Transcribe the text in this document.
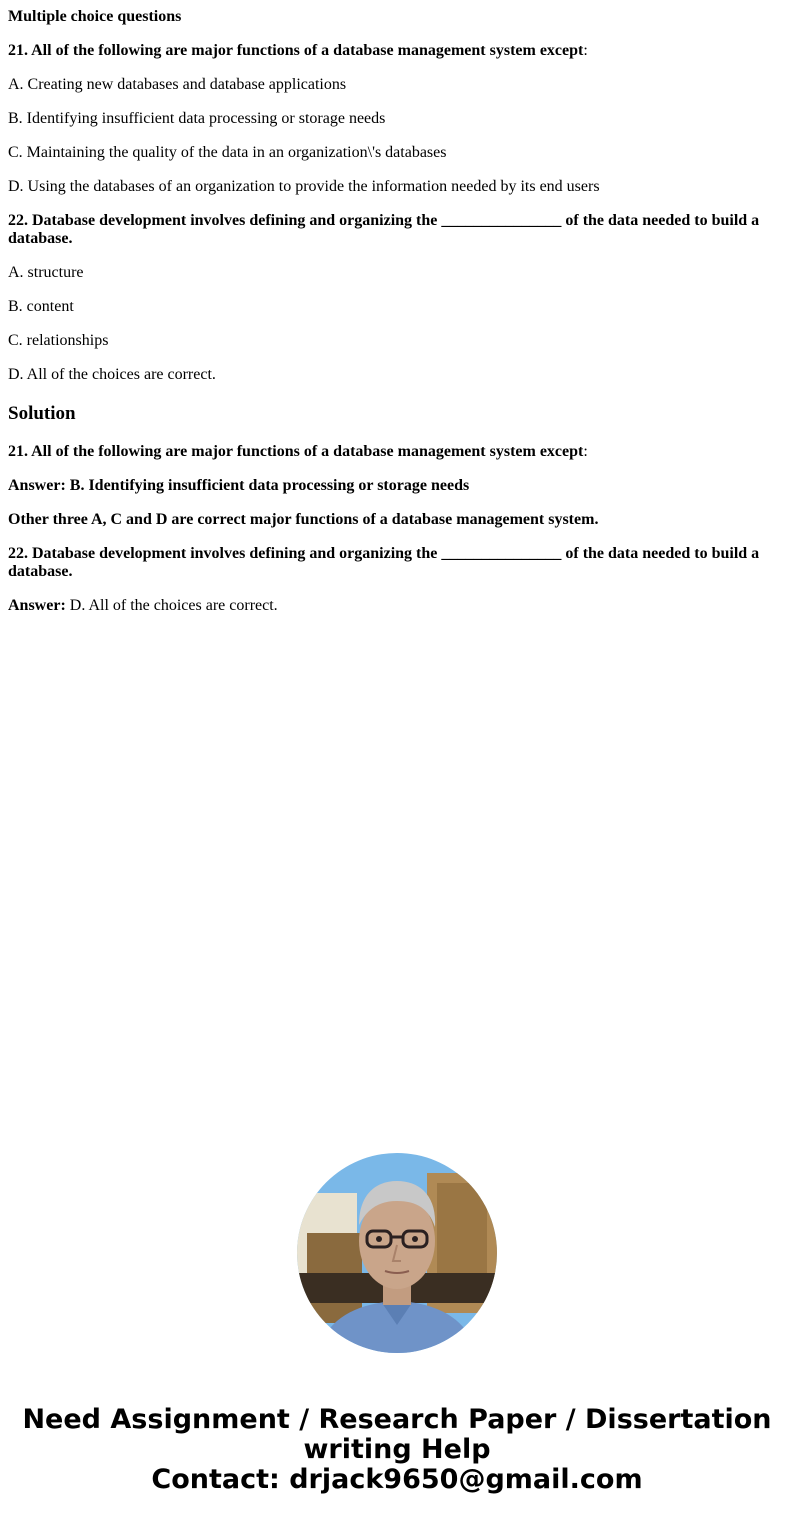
Multiple choice questions
21. All of the following are major functions of a database management system except:
A. Creating new databases and database applications
B. Identifying insufficient data processing or storage needs
C. Maintaining the quality of the data in an organization\'s databases
D. Using the databases of an organization to provide the information needed by its end users
22. Database development involves defining and organizing the _______________ of the data needed to build a database.
A. structure
B. content
C. relationships
D. All of the choices are correct.
Solution
21. All of the following are major functions of a database management system except:
Answer: B. Identifying insufficient data processing or storage needs
Other three A, C and D are correct major functions of a database management system.
22. Database development involves defining and organizing the _______________ of the data needed to build a database.
Answer: D. All of the choices are correct.
Need Assignment / Research Paper / Dissertation
writing Help
Contact: drjack9650@gmail.com
